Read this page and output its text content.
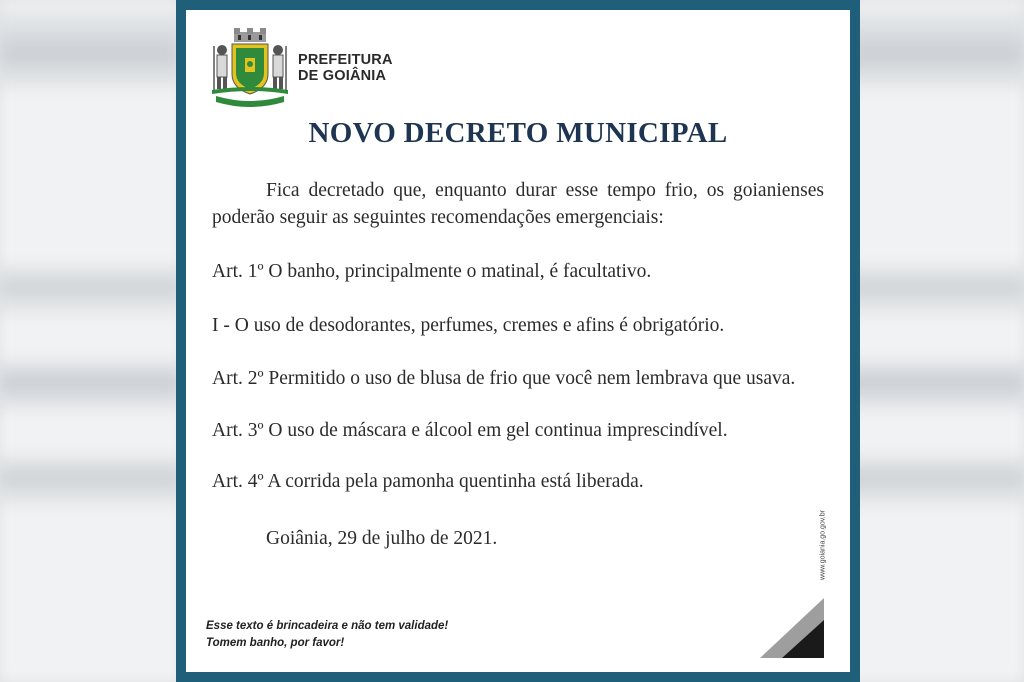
PREFEITURA
DE GOIÂNIA
NOVO DECRETO MUNICIPAL
Fica decretado que, enquanto durar esse tempo frio, os goianienses poderão seguir as seguintes recomendações emergenciais:
Art. 1º O banho, principalmente o matinal, é facultativo.
I - O uso de desodorantes, perfumes, cremes e afins é obrigatório.
Art. 2º Permitido o uso de blusa de frio que você nem lembrava que usava.
Art. 3º O uso de máscara e álcool em gel continua imprescindível.
Art. 4º A corrida pela pamonha quentinha está liberada.
Goiânia, 29 de julho de 2021.	www.goiania.go.gov.br
Esse texto é brincadeira e não tem validade!
Tomem banho, por favor!
